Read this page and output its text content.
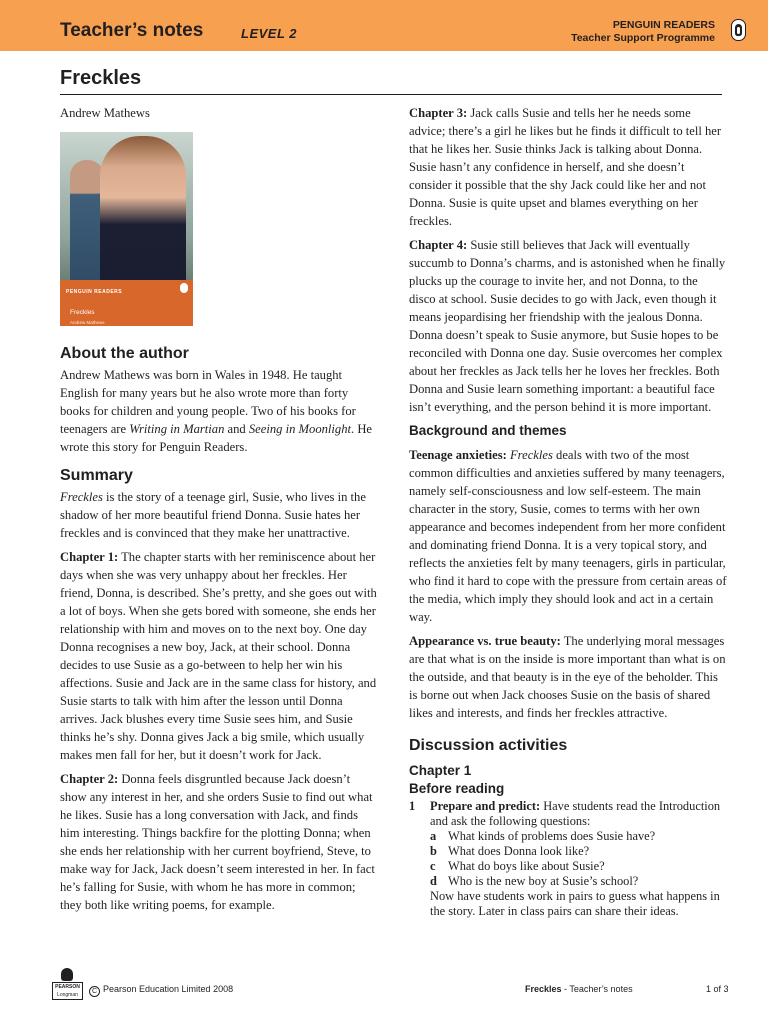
Teacher’s notes	LEVEL 2
PENGUIN READERS
Teacher Support Programme
Freckles

Andrew Mathews

PENGUIN READERS
Freckles
Andrew Mathews
About the author

Andrew Mathews was born in Wales in 1948. He taught English for many years but he also wrote more than forty books for children and young people. Two of his books for teenagers are Writing in Martian and Seeing in Moonlight. He wrote this story for Penguin Readers.

Summary

Freckles is the story of a teenage girl, Susie, who lives in the shadow of her more beautiful friend Donna. Susie hates her freckles and is convinced that they make her unattractive.

Chapter 1: The chapter starts with her reminiscence about her days when she was very unhappy about her freckles. Her friend, Donna, is described. She’s pretty, and she goes out with a lot of boys. When she gets bored with someone, she ends her relationship with him and moves on to the next boy. One day Donna recognises a new boy, Jack, at their school. Donna decides to use Susie as a go-between to help her win his affections. Susie and Jack are in the same class for history, and Susie starts to talk with him after the lesson until Donna arrives. Jack blushes every time Susie sees him, and Susie thinks he’s shy. Donna gives Jack a big smile, which usually makes men fall for her, but it doesn’t work for Jack.

Chapter 2: Donna feels disgruntled because Jack doesn’t show any interest in her, and she orders Susie to find out what he likes. Susie has a long conversation with Jack, and finds him interesting. Things backfire for the plotting Donna; when she ends her relationship with her current boyfriend, Steve, to make way for Jack, Jack doesn’t seem interested in her. In fact he’s falling for Susie, with whom he has more in common; they both like writing poems, for example.

Chapter 3: Jack calls Susie and tells her he needs some advice; there’s a girl he likes but he finds it difficult to tell her that he likes her. Susie thinks Jack is talking about Donna. Susie hasn’t any confidence in herself, and she doesn’t consider it possible that the shy Jack could like her and not Donna. Susie is quite upset and blames everything on her freckles.

Chapter 4: Susie still believes that Jack will eventually succumb to Donna’s charms, and is astonished when he finally plucks up the courage to invite her, and not Donna, to the disco at school. Susie decides to go with Jack, even though it means jeopardising her friendship with the jealous Donna. Donna doesn’t speak to Susie anymore, but Susie hopes to be reconciled with Donna one day. Susie overcomes her complex about her freckles as Jack tells her he loves her freckles. Both Donna and Susie learn something important: a beautiful face isn’t everything, and the person behind it is more important.

Background and themes

Teenage anxieties: Freckles deals with two of the most common difficulties and anxieties suffered by many teenagers, namely self-consciousness and low self-esteem. The main character in the story, Susie, comes to terms with her own appearance and becomes independent from her more confident and dominating friend Donna. It is a very topical story, and reflects the anxieties felt by many teenagers, girls in particular, who find it hard to cope with the pressure from certain areas of the media, which imply they should look and act in a certain way.

Appearance vs. true beauty: The underlying moral messages are that what is on the inside is more important than what is on the outside, and that beauty is in the eye of the beholder. This is borne out when Jack chooses Susie on the basis of shared likes and interests, and finds her freckles attractive.

Discussion activities
Chapter 1
Before reading
1 Prepare and predict: Have students read the Introduction and ask the following questions:
a What kinds of problems does Susie have?
b What does Donna look like?
c What do boys like about Susie?
d Who is the new boy at Susie’s school?
Now have students work in pairs to guess what happens in the story. Later in class pairs can share their ideas.
PEARSON
Longman	C Pearson Education Limited 2008	Freckles - Teacher’s notes	1 of 3
